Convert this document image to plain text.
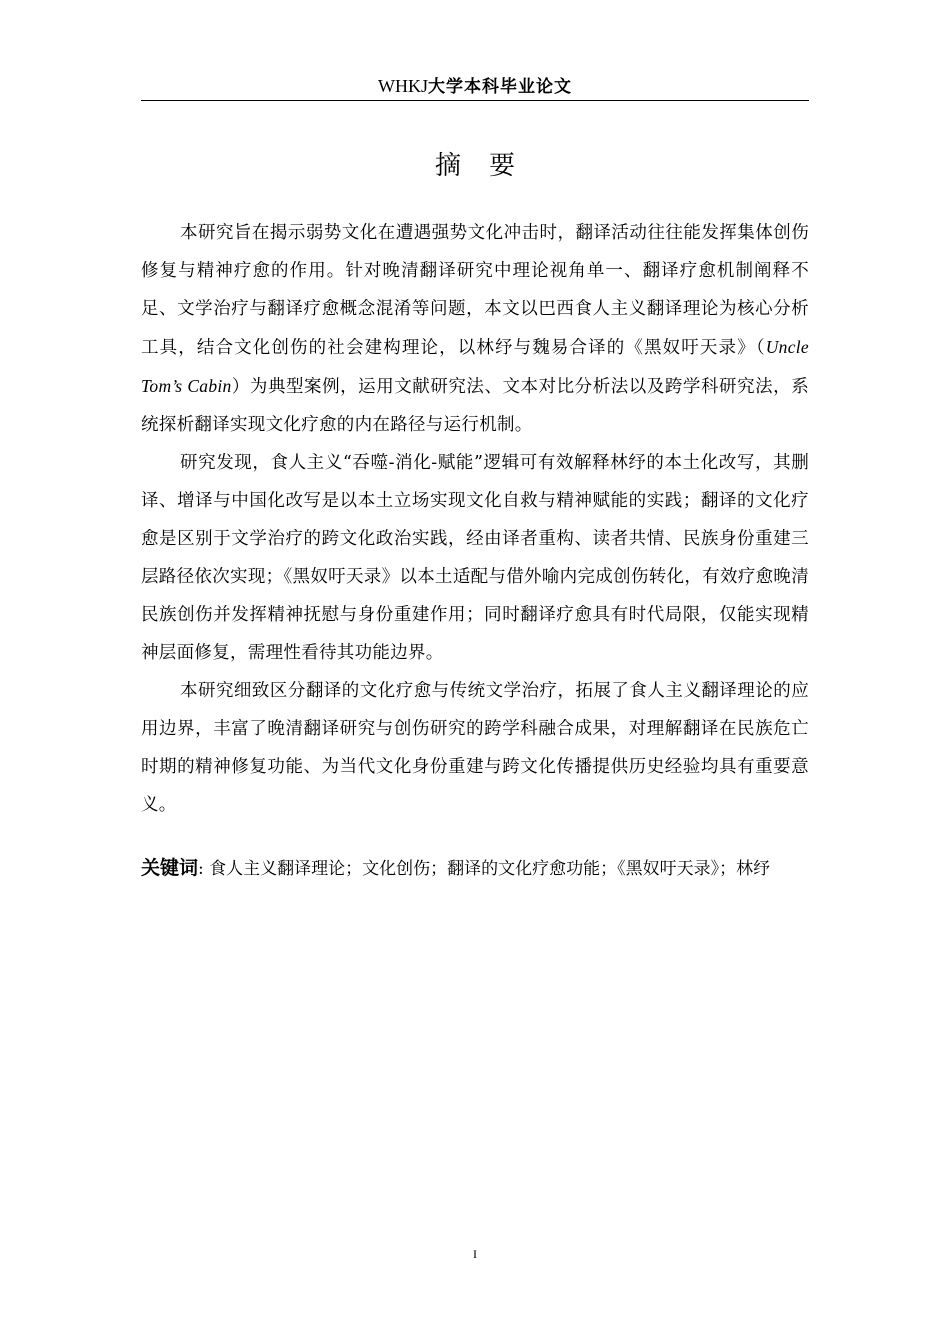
WHKJ大学本科毕业论文
摘要

本研究旨在揭示弱势文化在遭遇强势文化冲击时，翻译活动往往能发挥集体创伤修复与精神疗愈的作用。针对晚清翻译研究中理论视角单一、翻译疗愈机制阐释不足、文学治疗与翻译疗愈概念混淆等问题，本文以巴西食人主义翻译理论为核心分析工具，结合文化创伤的社会建构理论，以林纾与魏易合译的《黑奴吁天录》（Uncle Tom’s Cabin）为典型案例，运用文献研究法、文本对比分析法以及跨学科研究法，系统探析翻译实现文化疗愈的内在路径与运行机制。

研究发现，食人主义“吞噬-消化-赋能”逻辑可有效解释林纾的本土化改写，其删译、增译与中国化改写是以本土立场实现文化自救与精神赋能的实践；翻译的文化疗愈是区别于文学治疗的跨文化政治实践，经由译者重构、读者共情、民族身份重建三层路径依次实现；《黑奴吁天录》以本土适配与借外喻内完成创伤转化，有效疗愈晚清民族创伤并发挥精神抚慰与身份重建作用；同时翻译疗愈具有时代局限，仅能实现精神层面修复，需理性看待其功能边界。

本研究细致区分翻译的文化疗愈与传统文学治疗，拓展了食人主义翻译理论的应用边界，丰富了晚清翻译研究与创伤研究的跨学科融合成果，对理解翻译在民族危亡时期的精神修复功能、为当代文化身份重建与跨文化传播提供历史经验均具有重要意义。

关键词: 食人主义翻译理论；文化创伤；翻译的文化疗愈功能；《黑奴吁天录》；林纾
I
